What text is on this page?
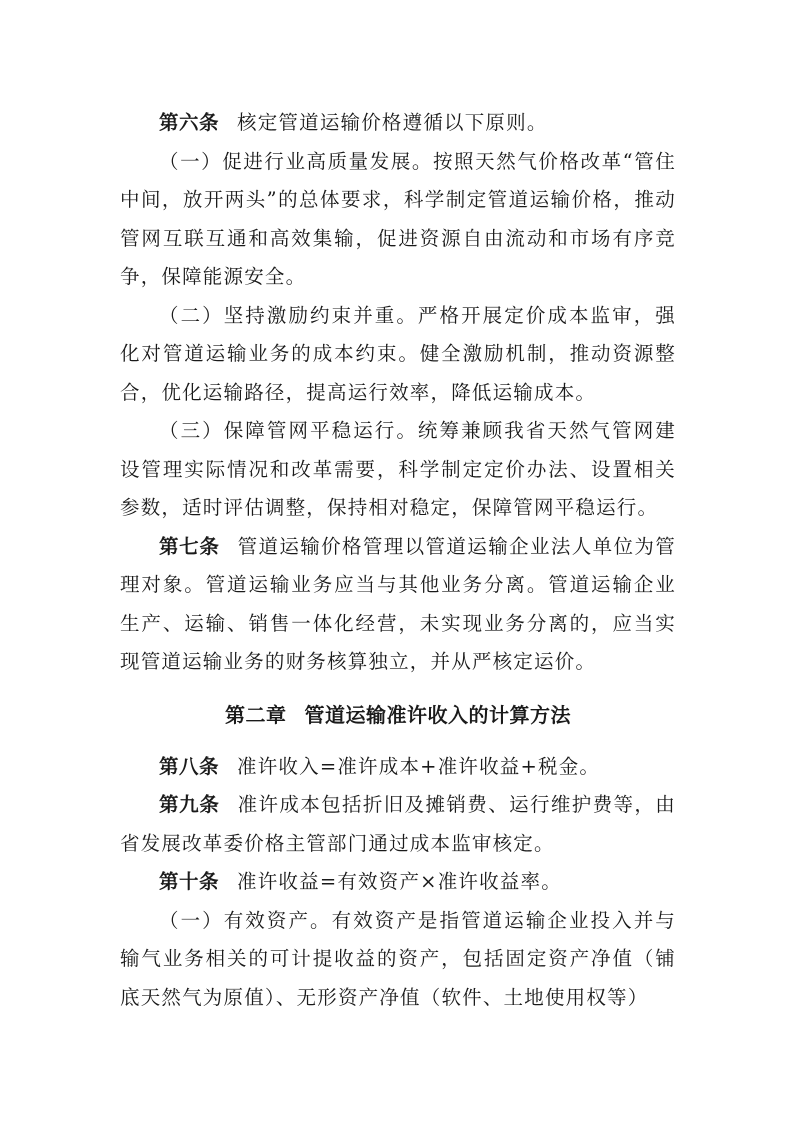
第六条 核定管道运输价格遵循以下原则。

（一）促进行业高质量发展。按照天然气价格改革“管住中间，放开两头”的总体要求，科学制定管道运输价格，推动管网互联互通和高效集输，促进资源自由流动和市场有序竞争，保障能源安全。

（二）坚持激励约束并重。严格开展定价成本监审，强化对管道运输业务的成本约束。健全激励机制，推动资源整合，优化运输路径，提高运行效率，降低运输成本。

（三）保障管网平稳运行。统筹兼顾我省天然气管网建设管理实际情况和改革需要，科学制定定价办法、设置相关参数，适时评估调整，保持相对稳定，保障管网平稳运行。

第七条 管道运输价格管理以管道运输企业法人单位为管理对象。管道运输业务应当与其他业务分离。管道运输企业生产、运输、销售一体化经营，未实现业务分离的，应当实现管道运输业务的财务核算独立，并从严核定运价。

第二章 管道运输准许收入的计算方法

第八条 准许收入=准许成本+准许收益+税金。

第九条 准许成本包括折旧及摊销费、运行维护费等，由省发展改革委价格主管部门通过成本监审核定。

第十条 准许收益=有效资产×准许收益率。

（一）有效资产。有效资产是指管道运输企业投入并与输气业务相关的可计提收益的资产，包括固定资产净值（铺底天然气为原值）、无形资产净值（软件、土地使用权等）
